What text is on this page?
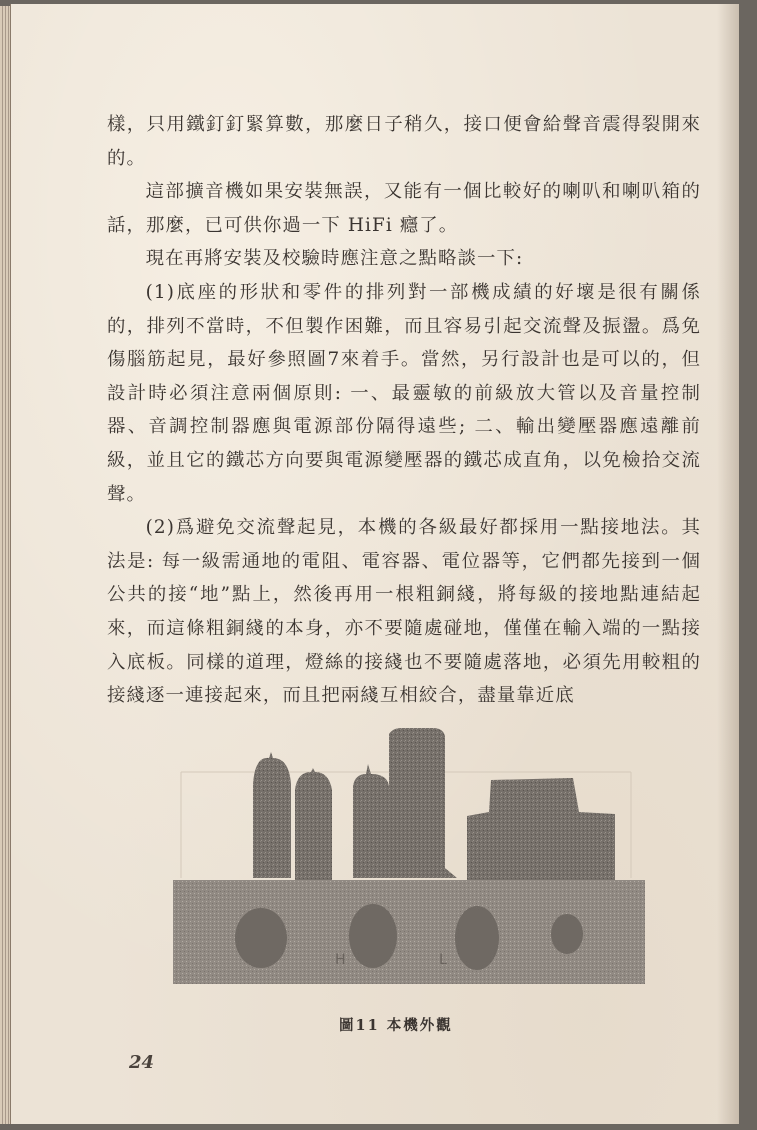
樣，只用鐵釘釘緊算數，那麼日子稍久，接口便會給聲音震得裂開來的。

這部擴音機如果安裝無誤，又能有一個比較好的喇叭和喇叭箱的話，那麼，已可供你過一下 HiFi 癮了。

現在再將安裝及校驗時應注意之點略談一下:

(1)底座的形狀和零件的排列對一部機成績的好壞是很有關係的，排列不當時，不但製作困難，而且容易引起交流聲及振盪。爲免傷腦筋起見，最好參照圖7來着手。當然，另行設計也是可以的，但設計時必須注意兩個原則: 一、最靈敏的前級放大管以及音量控制器、音調控制器應與電源部份隔得遠些; 二、輸出變壓器應遠離前級，並且它的鐵芯方向要與電源變壓器的鐵芯成直角，以免檢拾交流聲。

(2)爲避免交流聲起見，本機的各級最好都採用一點接地法。其法是: 每一級需通地的電阻、電容器、電位器等，它們都先接到一個公共的接“地”點上，然後再用一根粗銅綫，將每級的接地點連結起來，而這條粗銅綫的本身，亦不要隨處碰地，僅僅在輸入端的一點接入底板。同樣的道理，燈絲的接綫也不要隨處落地，必須先用較粗的接綫逐一連接起來，而且把兩綫互相絞合，盡量靠近底

H	L
圖11 本機外觀
24
